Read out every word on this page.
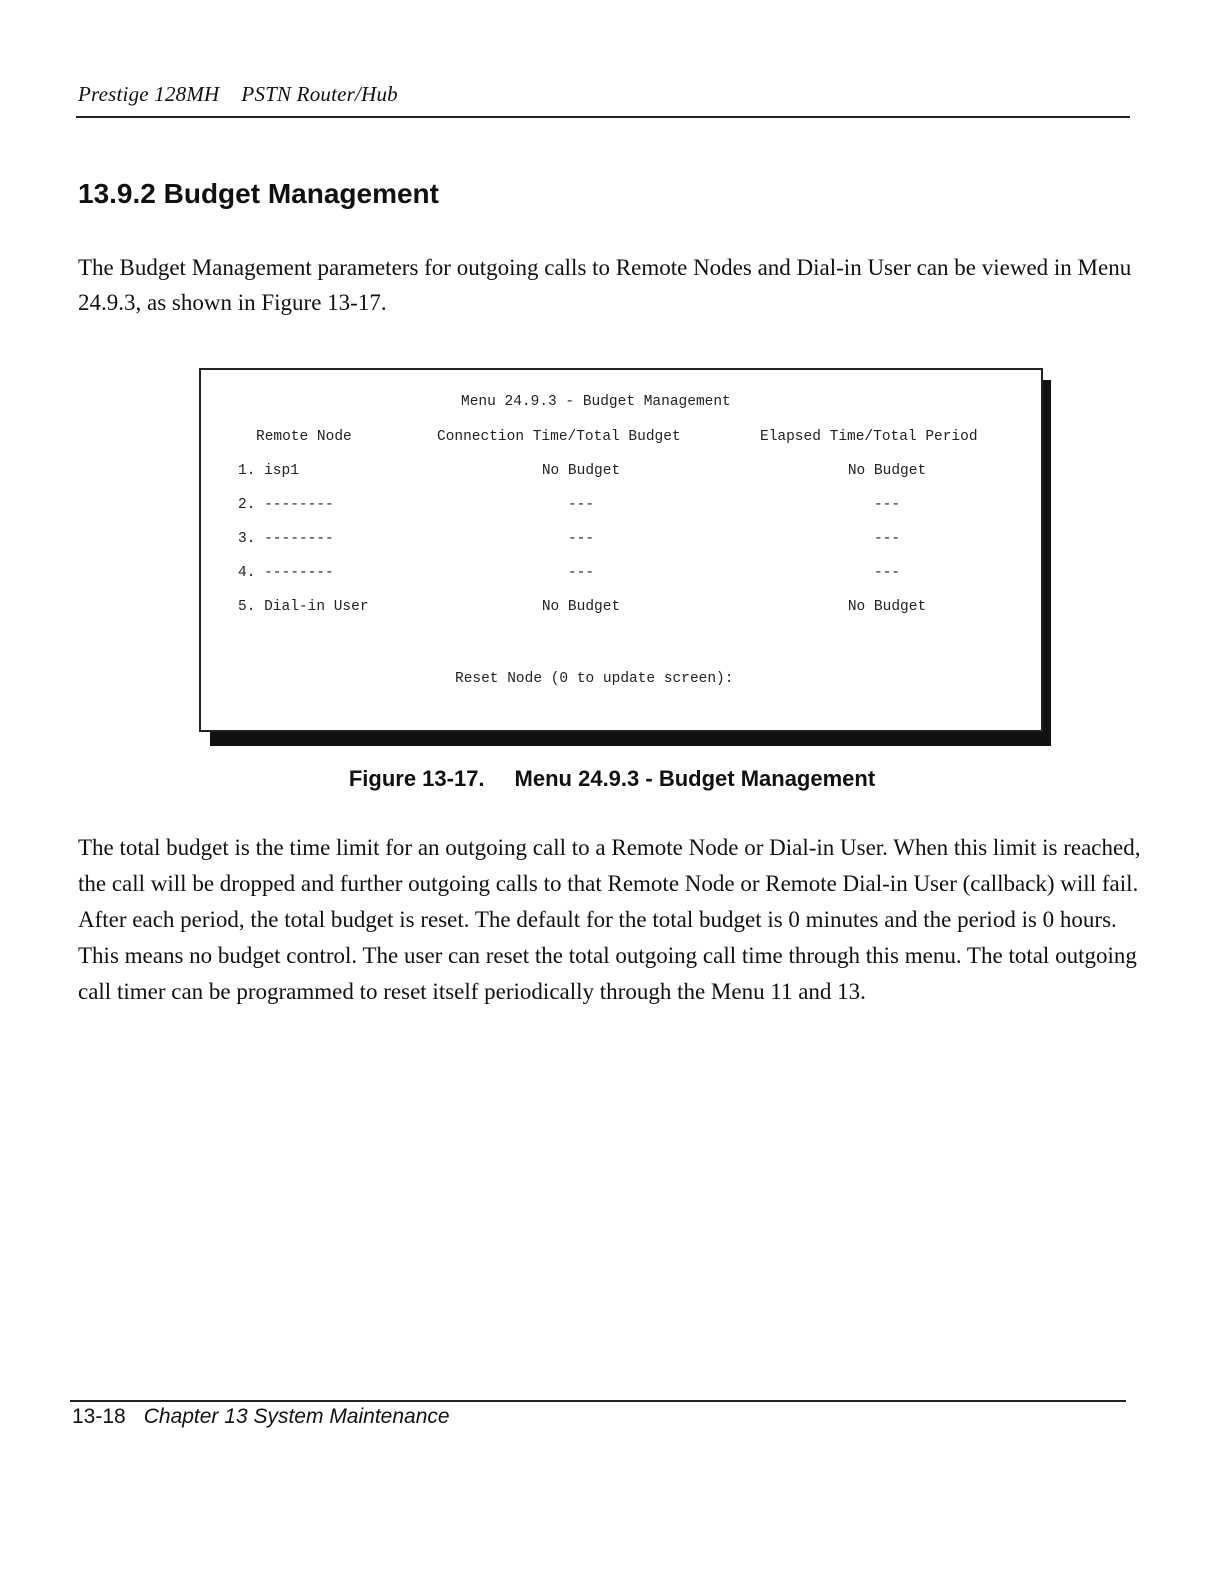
Prestige 128MH PSTN Router/Hub
13.9.2 Budget Management

The Budget Management parameters for outgoing calls to Remote Nodes and Dial-in User can be viewed in Menu 24.9.3, as shown in Figure 13-17.

Menu 24.9.3 - Budget Management
Remote Node	Connection Time/Total Budget	Elapsed Time/Total Period
1. isp1	No Budget	No Budget
2. --------	---	---
3. --------	---	---
4. --------	---	---
5. Dial-in User	No Budget	No Budget
Reset Node (0 to update screen):
Figure 13-17. Menu 24.9.3 - Budget Management

The total budget is the time limit for an outgoing call to a Remote Node or Dial-in User. When this limit is reached, the call will be dropped and further outgoing calls to that Remote Node or Remote Dial-in User (callback) will fail. After each period, the total budget is reset. The default for the total budget is 0 minutes and the period is 0 hours. This means no budget control. The user can reset the total outgoing call time through this menu. The total outgoing call timer can be programmed to reset itself periodically through the Menu 11 and 13.

13-18 Chapter 13 System Maintenance
